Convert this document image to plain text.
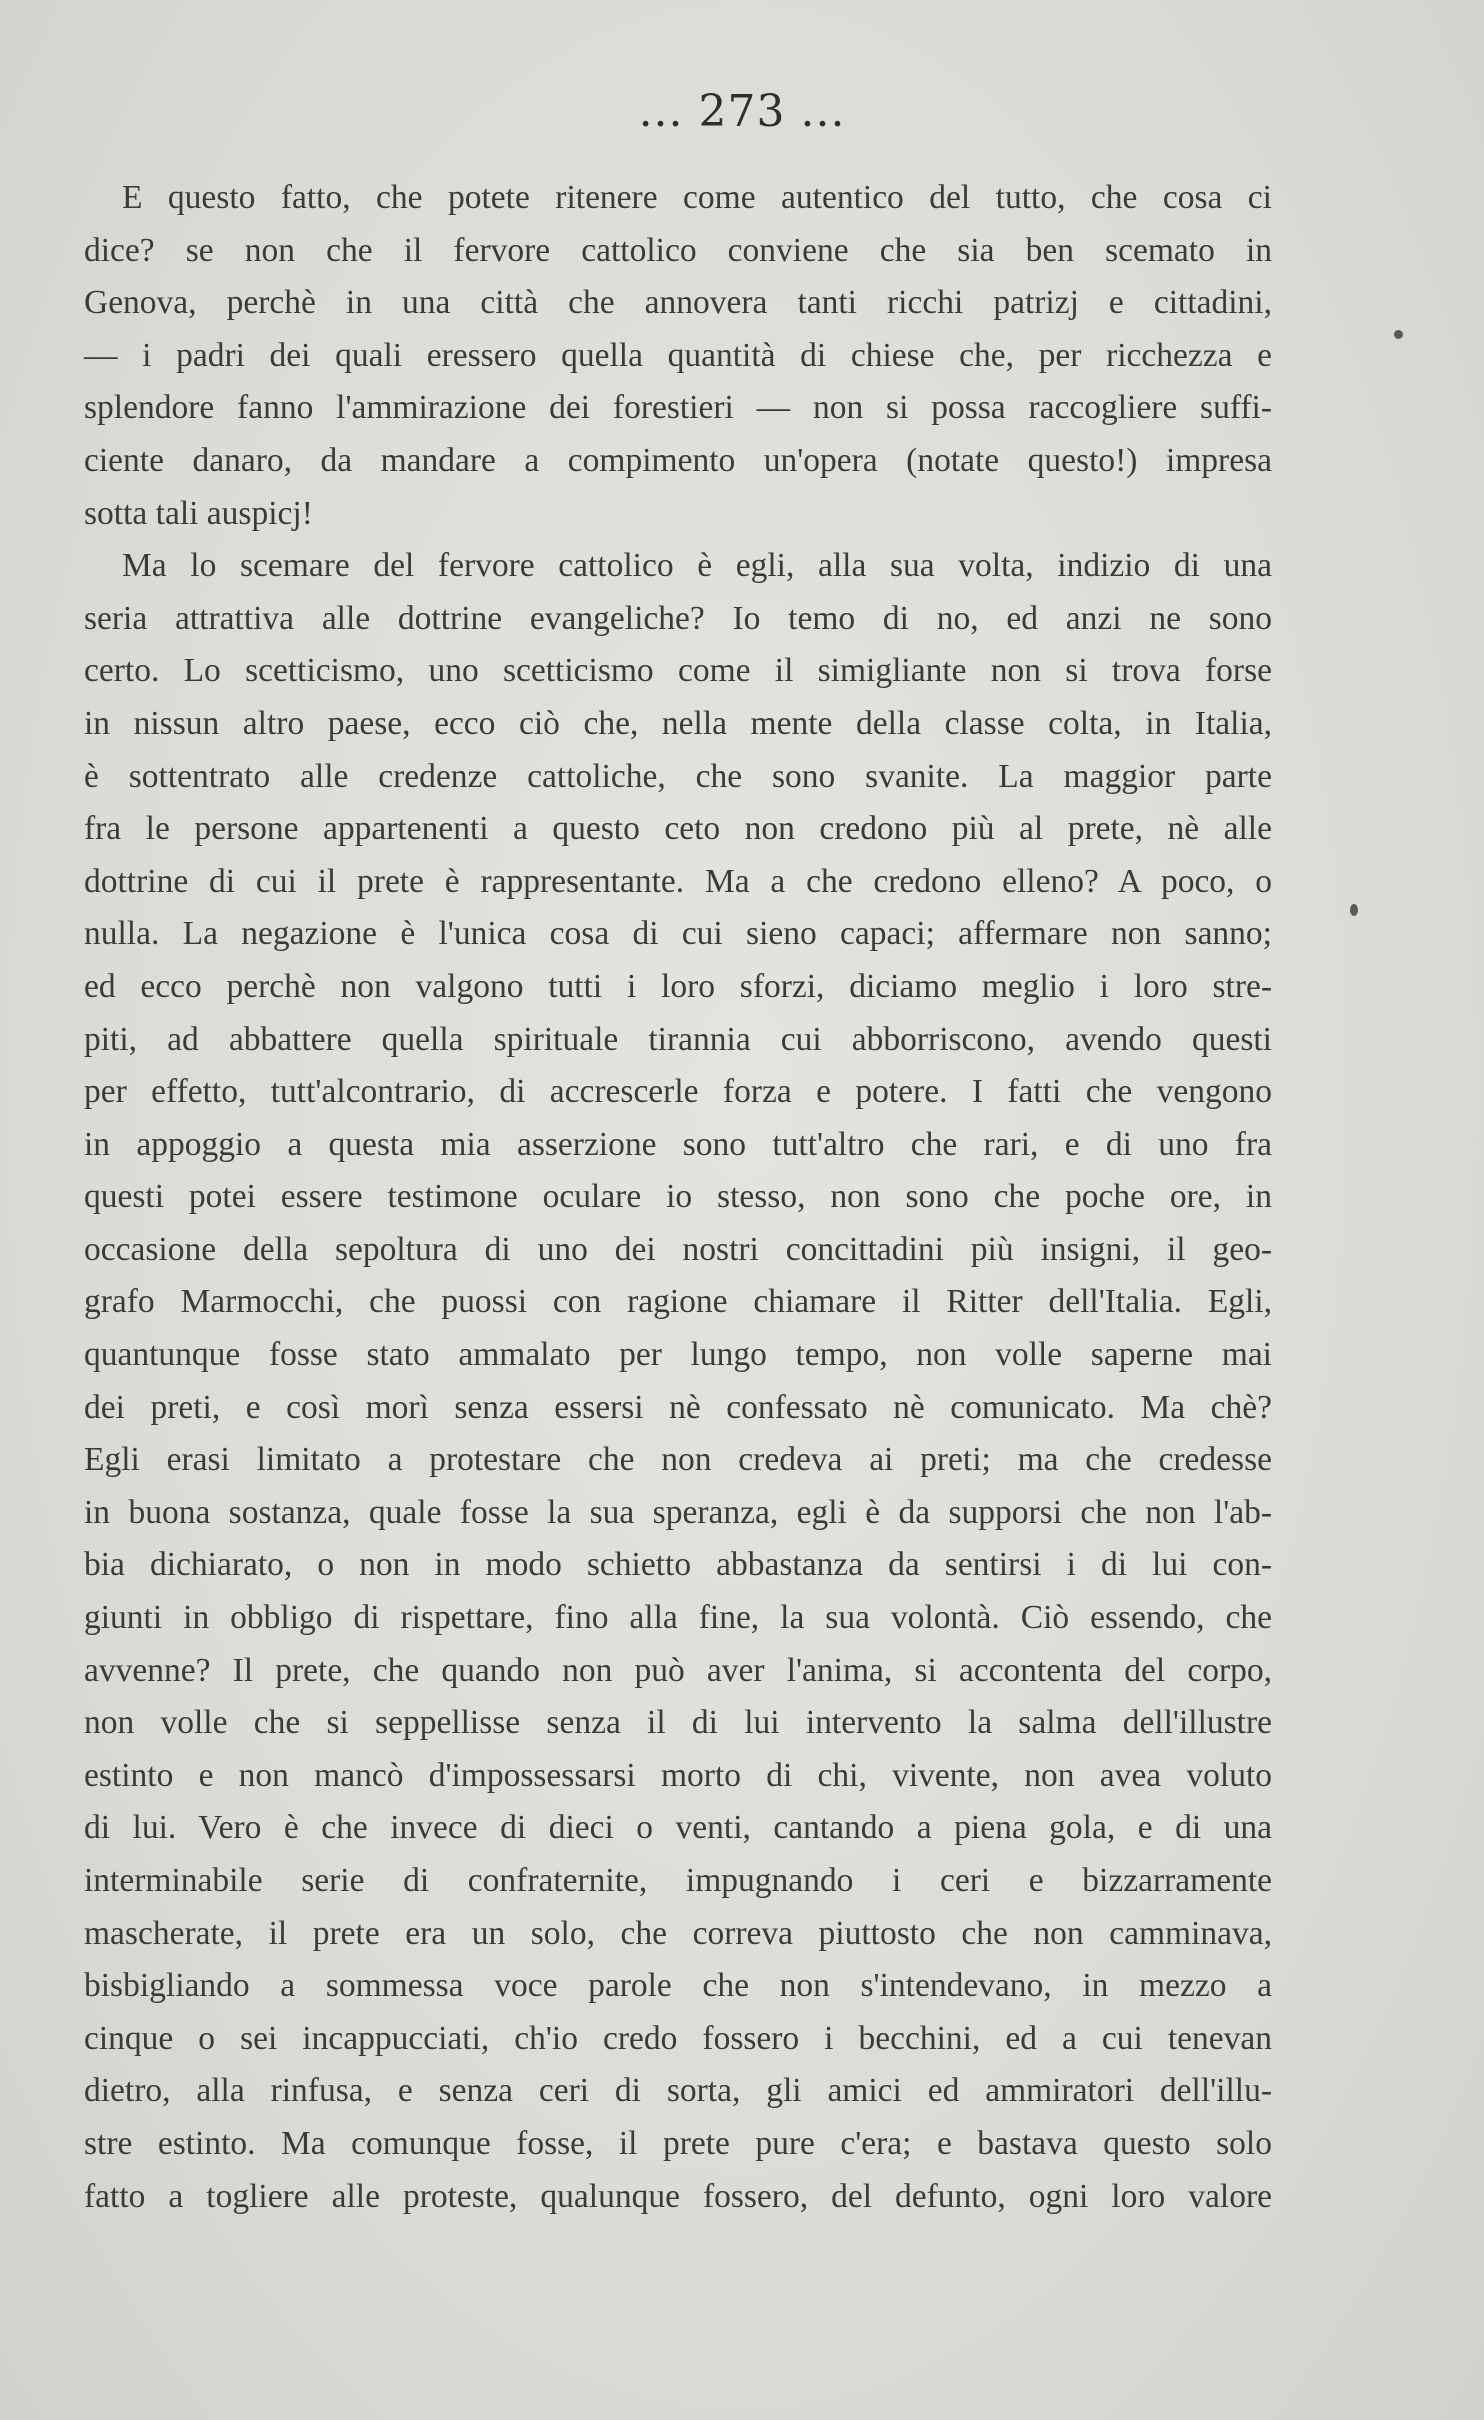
... 273 ...
E questo fatto, che potete ritenere come autentico del tutto, che cosa ci
dice? se non che il fervore cattolico conviene che sia ben scemato in
Genova, perchè in una città che annovera tanti ricchi patrizj e cittadini,
— i padri dei quali eressero quella quantità di chiese che, per ricchezza e
splendore fanno l'ammirazione dei forestieri — non si possa raccogliere suffi-
ciente danaro, da mandare a compimento un'opera (notate questo!) impresa
sotta tali auspicj!
Ma lo scemare del fervore cattolico è egli, alla sua volta, indizio di una
seria attrattiva alle dottrine evangeliche? Io temo di no, ed anzi ne sono
certo. Lo scetticismo, uno scetticismo come il simigliante non si trova forse
in nissun altro paese, ecco ciò che, nella mente della classe colta, in Italia,
è sottentrato alle credenze cattoliche, che sono svanite. La maggior parte
fra le persone appartenenti a questo ceto non credono più al prete, nè alle
dottrine di cui il prete è rappresentante. Ma a che credono elleno? A poco, o
nulla. La negazione è l'unica cosa di cui sieno capaci; affermare non sanno;
ed ecco perchè non valgono tutti i loro sforzi, diciamo meglio i loro stre-
piti, ad abbattere quella spirituale tirannia cui abborriscono, avendo questi
per effetto, tutt'alcontrario, di accrescerle forza e potere. I fatti che vengono
in appoggio a questa mia asserzione sono tutt'altro che rari, e di uno fra
questi potei essere testimone oculare io stesso, non sono che poche ore, in
occasione della sepoltura di uno dei nostri concittadini più insigni, il geo-
grafo Marmocchi, che puossi con ragione chiamare il Ritter dell'Italia. Egli,
quantunque fosse stato ammalato per lungo tempo, non volle saperne mai
dei preti, e così morì senza essersi nè confessato nè comunicato. Ma chè?
Egli erasi limitato a protestare che non credeva ai preti; ma che credesse
in buona sostanza, quale fosse la sua speranza, egli è da supporsi che non l'ab-
bia dichiarato, o non in modo schietto abbastanza da sentirsi i di lui con-
giunti in obbligo di rispettare, fino alla fine, la sua volontà. Ciò essendo, che
avvenne? Il prete, che quando non può aver l'anima, si accontenta del corpo,
non volle che si seppellisse senza il di lui intervento la salma dell'illustre
estinto e non mancò d'impossessarsi morto di chi, vivente, non avea voluto
di lui. Vero è che invece di dieci o venti, cantando a piena gola, e di una
interminabile serie di confraternite, impugnando i ceri e bizzarramente
mascherate, il prete era un solo, che correva piuttosto che non camminava,
bisbigliando a sommessa voce parole che non s'intendevano, in mezzo a
cinque o sei incappucciati, ch'io credo fossero i becchini, ed a cui tenevan
dietro, alla rinfusa, e senza ceri di sorta, gli amici ed ammiratori dell'illu-
stre estinto. Ma comunque fosse, il prete pure c'era; e bastava questo solo
fatto a togliere alle proteste, qualunque fossero, del defunto, ogni loro valore
